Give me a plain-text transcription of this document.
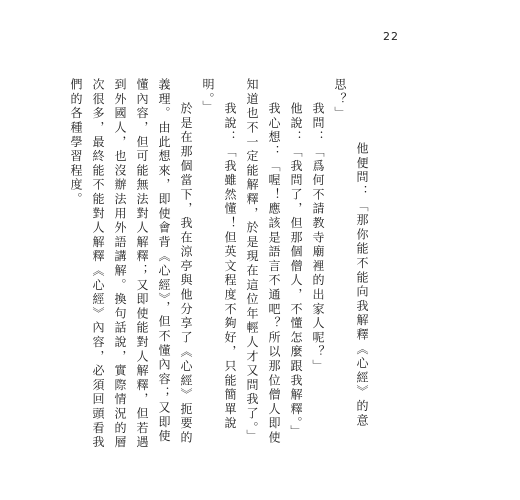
22

他便問：「那你能不能向我解釋《心經》的意思？」

我問：「爲何不請教寺廟裡的出家人呢？」

他說：「我問了，但那個僧人，不懂怎麼跟我解釋。」

我心想：「喔！應該是語言不通吧？所以那位僧人即使知道也不一定能解釋，於是現在這位年輕人才又問我了。」

我說：「我雖然懂！但英文程度不夠好，只能簡單說明。」

於是在那個當下，我在涼亭與他分享了《心經》扼要的義理。由此想來，即使會背《心經》，但不懂內容；又即使懂內容，但可能無法對人解釋；又即使能對人解釋，但若遇到外國人，也沒辦法用外語講解。換句話說，實際情況的層次很多，最終能不能對人解釋《心經》內容，必須回頭看我們的各種學習程度。
